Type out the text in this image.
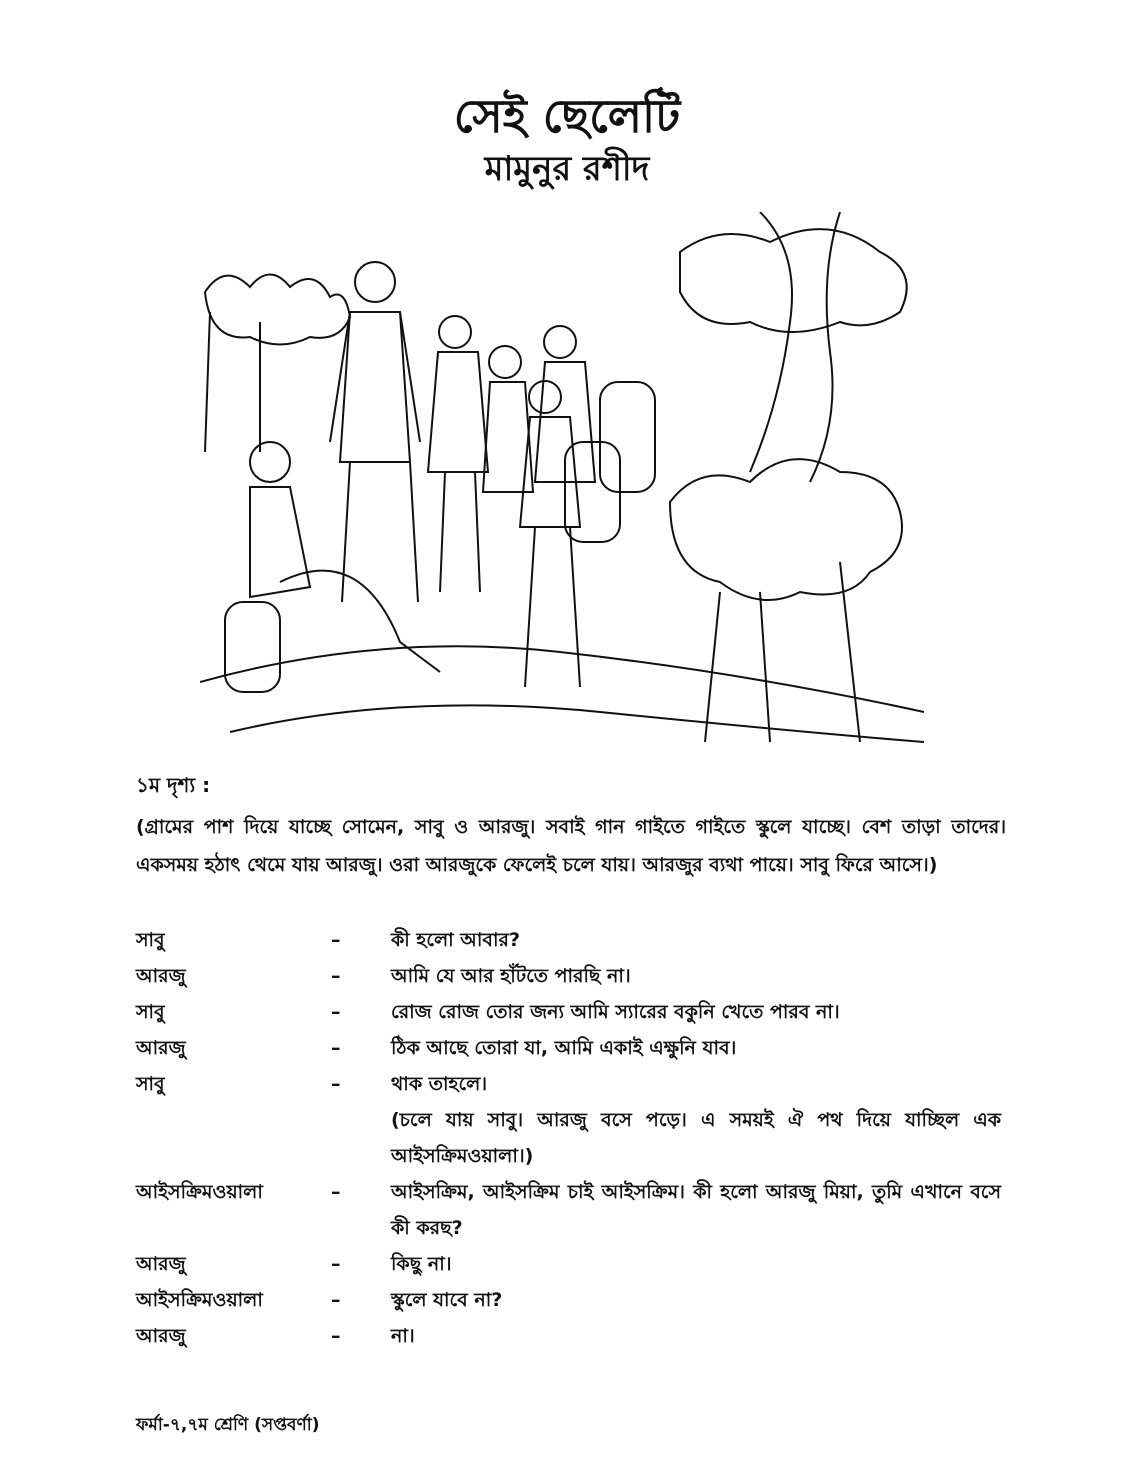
সেই ছেলেটি
মামুনুর রশীদ
১ম দৃশ্য :
(গ্রামের পাশ দিয়ে যাচ্ছে সোমেন, সাবু ও আরজু। সবাই গান গাইতে গাইতে স্কুলে যাচ্ছে। বেশ তাড়া তাদের। একসময় হঠাৎ থেমে যায় আরজু। ওরা আরজুকে ফেলেই চলে যায়। আরজুর ব্যথা পায়ে। সাবু ফিরে আসে।)
সাবু	–	কী হলো আবার?
আরজু	–	আমি যে আর হাঁটতে পারছি না।
সাবু	–	রোজ রোজ তোর জন্য আমি স্যারের বকুনি খেতে পারব না।
আরজু	–	ঠিক আছে তোরা যা, আমি একাই এক্ষুনি যাব।
সাবু	–	থাক তাহলে।
(চলে যায় সাবু। আরজু বসে পড়ে। এ সময়ই ঐ পথ দিয়ে যাচ্ছিল এক আইসক্রিমওয়ালা।)
আইসক্রিমওয়ালা	–	আইসক্রিম, আইসক্রিম চাই আইসক্রিম। কী হলো আরজু মিয়া, তুমি এখানে বসে কী করছ?
আরজু	–	কিছু না।
আইসক্রিমওয়ালা	–	স্কুলে যাবে না?
আরজু	–	না।
ফর্মা-৭,৭ম শ্রেণি (সপ্তবর্ণা)
